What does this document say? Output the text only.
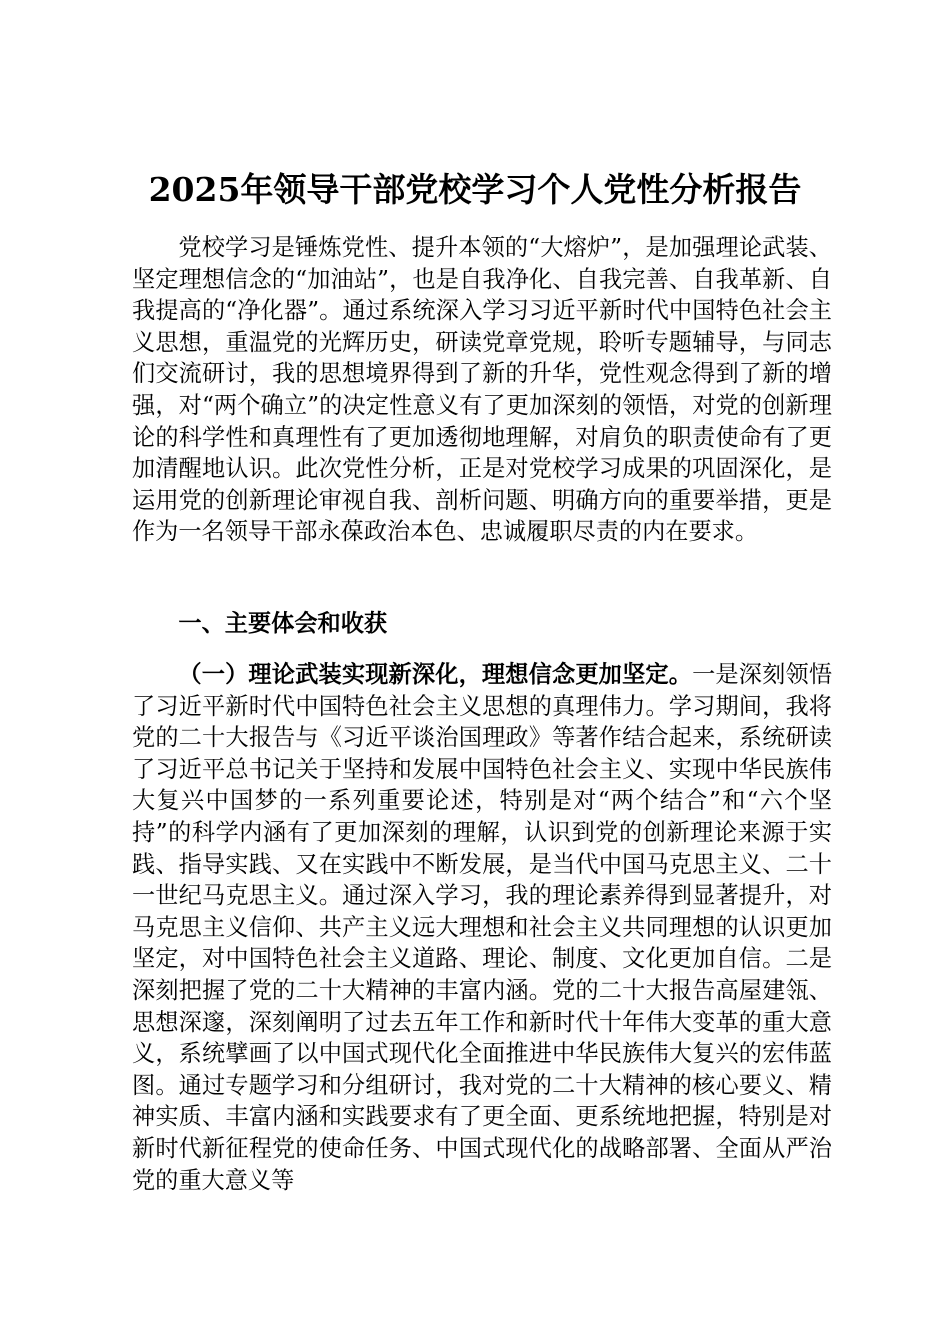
2025年领导干部党校学习个人党性分析报告

党校学习是锤炼党性、提升本领的“大熔炉”，是加强理论武装、坚定理想信念的“加油站”，也是自我净化、自我完善、自我革新、自我提高的“净化器”。通过系统深入学习习近平新时代中国特色社会主义思想，重温党的光辉历史，研读党章党规，聆听专题辅导，与同志们交流研讨，我的思想境界得到了新的升华，党性观念得到了新的增强，对“两个确立”的决定性意义有了更加深刻的领悟，对党的创新理论的科学性和真理性有了更加透彻地理解，对肩负的职责使命有了更加清醒地认识。此次党性分析，正是对党校学习成果的巩固深化，是运用党的创新理论审视自我、剖析问题、明确方向的重要举措，更是作为一名领导干部永葆政治本色、忠诚履职尽责的内在要求。

一、主要体会和收获

（一）理论武装实现新深化，理想信念更加坚定。一是深刻领悟了习近平新时代中国特色社会主义思想的真理伟力。学习期间，我将党的二十大报告与《习近平谈治国理政》等著作结合起来，系统研读了习近平总书记关于坚持和发展中国特色社会主义、实现中华民族伟大复兴中国梦的一系列重要论述，特别是对“两个结合”和“六个坚持”的科学内涵有了更加深刻的理解，认识到党的创新理论来源于实践、指导实践、又在实践中不断发展，是当代中国马克思主义、二十一世纪马克思主义。通过深入学习，我的理论素养得到显著提升，对马克思主义信仰、共产主义远大理想和社会主义共同理想的认识更加坚定，对中国特色社会主义道路、理论、制度、文化更加自信。二是深刻把握了党的二十大精神的丰富内涵。党的二十大报告高屋建瓴、思想深邃，深刻阐明了过去五年工作和新时代十年伟大变革的重大意义，系统擘画了以中国式现代化全面推进中华民族伟大复兴的宏伟蓝图。通过专题学习和分组研讨，我对党的二十大精神的核心要义、精神实质、丰富内涵和实践要求有了更全面、更系统地把握，特别是对新时代新征程党的使命任务、中国式现代化的战略部署、全面从严治党的重大意义等
